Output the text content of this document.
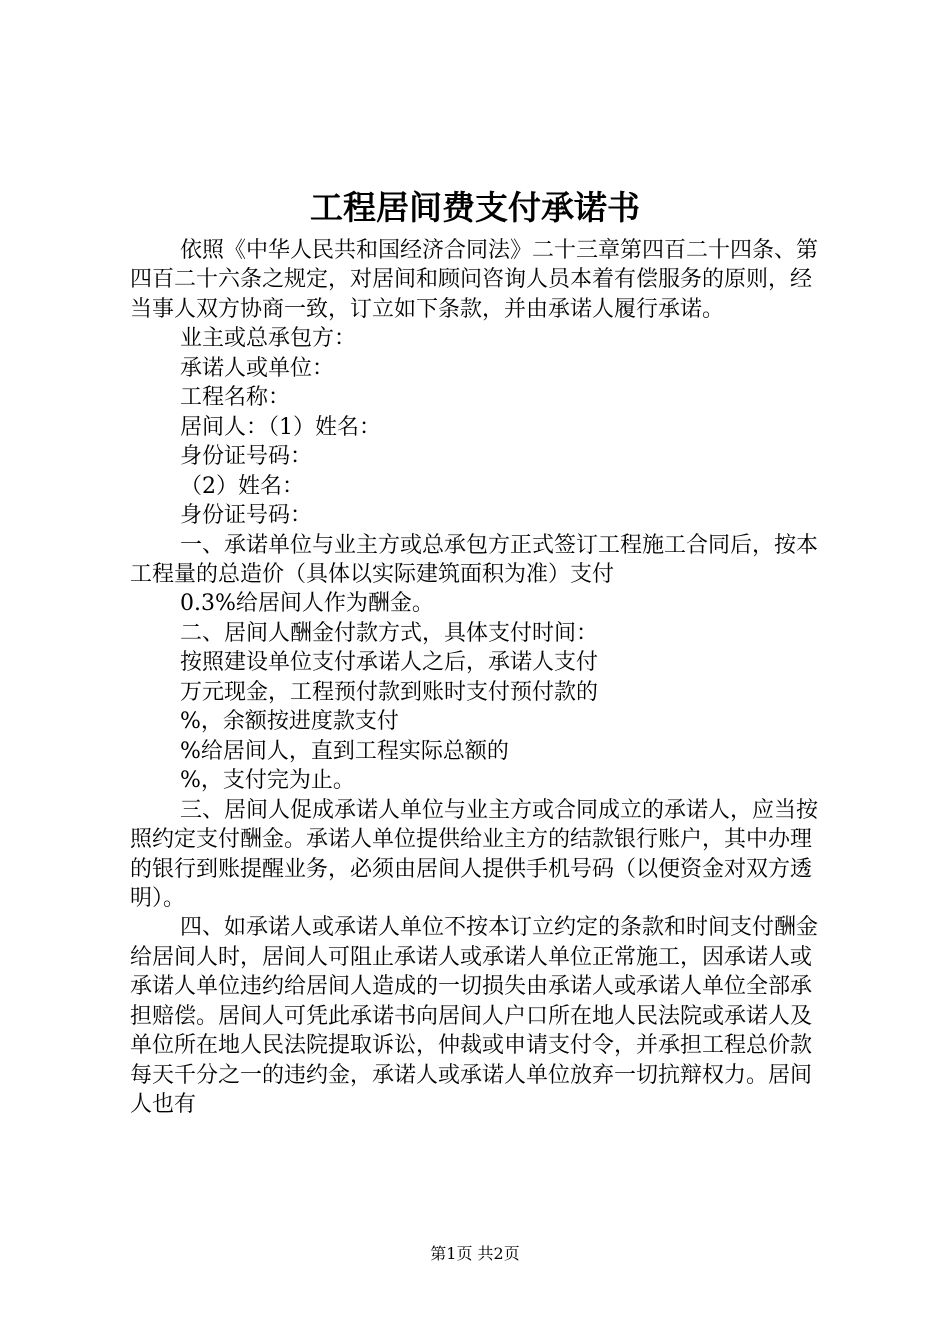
工程居间费支付承诺书

依照《中华人民共和国经济合同法》二十三章第四百二十四条、第四百二十六条之规定，对居间和顾问咨询人员本着有偿服务的原则，经当事人双方协商一致，订立如下条款，并由承诺人履行承诺。

业主或总承包方：

承诺人或单位：

工程名称：

居间人：（1）姓名：

身份证号码：

（2）姓名：

身份证号码：

一、承诺单位与业主方或总承包方正式签订工程施工合同后，按本工程量的总造价（具体以实际建筑面积为准）支付

0.3%给居间人作为酬金。

二、居间人酬金付款方式，具体支付时间：

按照建设单位支付承诺人之后，承诺人支付

万元现金，工程预付款到账时支付预付款的

%，余额按进度款支付

%给居间人，直到工程实际总额的

%，支付完为止。

三、居间人促成承诺人单位与业主方或合同成立的承诺人，应当按照约定支付酬金。承诺人单位提供给业主方的结款银行账户，其中办理的银行到账提醒业务，必须由居间人提供手机号码（以便资金对双方透明）。

四、如承诺人或承诺人单位不按本订立约定的条款和时间支付酬金给居间人时，居间人可阻止承诺人或承诺人单位正常施工，因承诺人或承诺人单位违约给居间人造成的一切损失由承诺人或承诺人单位全部承担赔偿。居间人可凭此承诺书向居间人户口所在地人民法院或承诺人及单位所在地人民法院提取诉讼，仲裁或申请支付令，并承担工程总价款每天千分之一的违约金，承诺人或承诺人单位放弃一切抗辩权力。居间人也有

第1页 共2页
